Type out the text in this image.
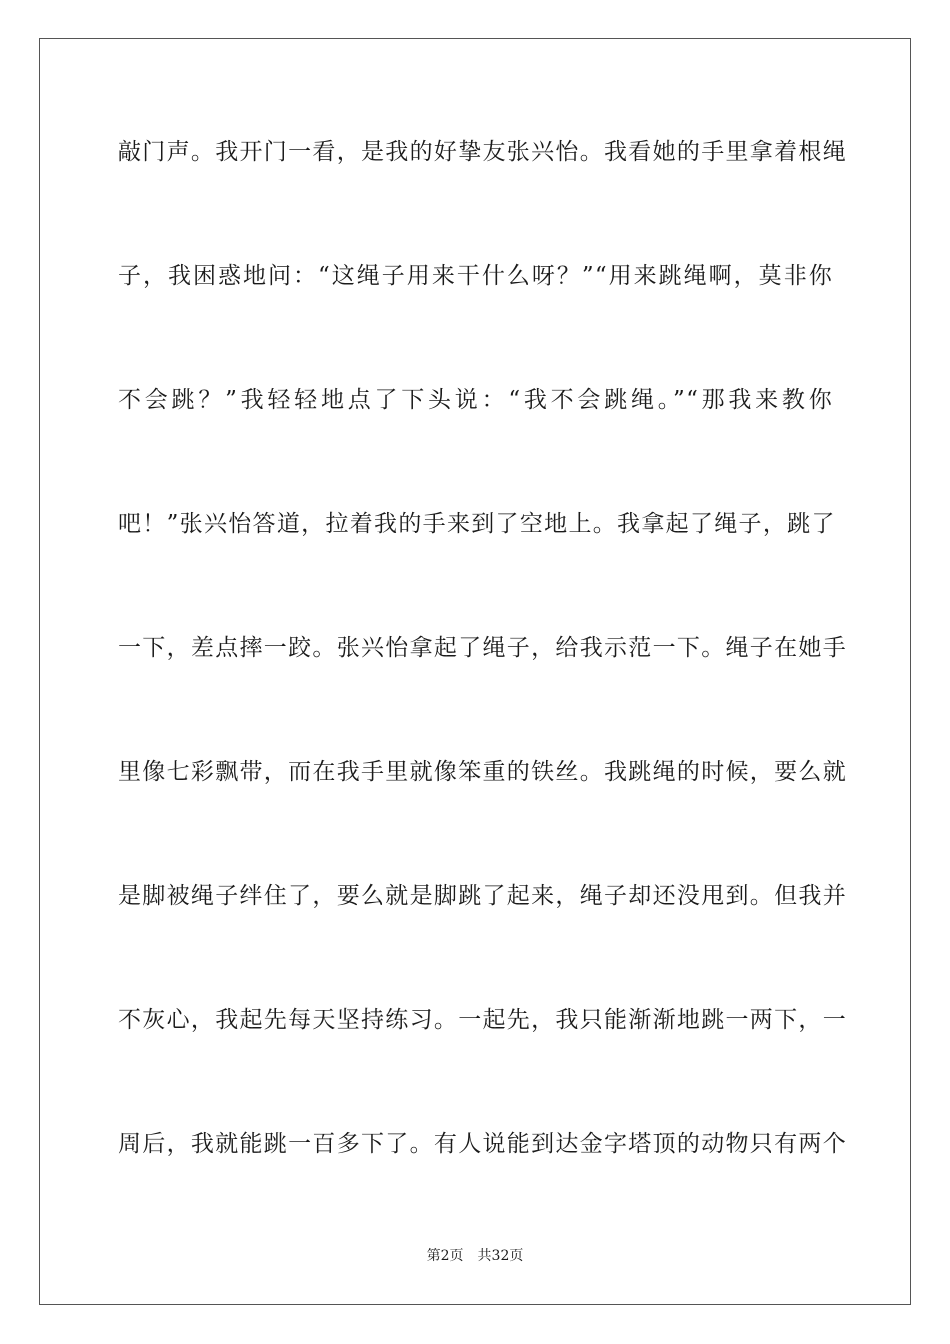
敲门声。我开门一看，是我的好挚友张兴怡。我看她的手里拿着根绳
子，我困惑地问：“这绳子用来干什么呀？”“用来跳绳啊，莫非你
不会跳？”我轻轻地点了下头说：“我不会跳绳。”“那我来教你
吧！”张兴怡答道，拉着我的手来到了空地上。我拿起了绳子，跳了
一下，差点摔一跤。张兴怡拿起了绳子，给我示范一下。绳子在她手
里像七彩飘带，而在我手里就像笨重的铁丝。我跳绳的时候，要么就
是脚被绳子绊住了，要么就是脚跳了起来，绳子却还没甩到。但我并
不灰心，我起先每天坚持练习。一起先，我只能渐渐地跳一两下，一
周后，我就能跳一百多下了。有人说能到达金字塔顶的动物只有两个
第2页 共32页
